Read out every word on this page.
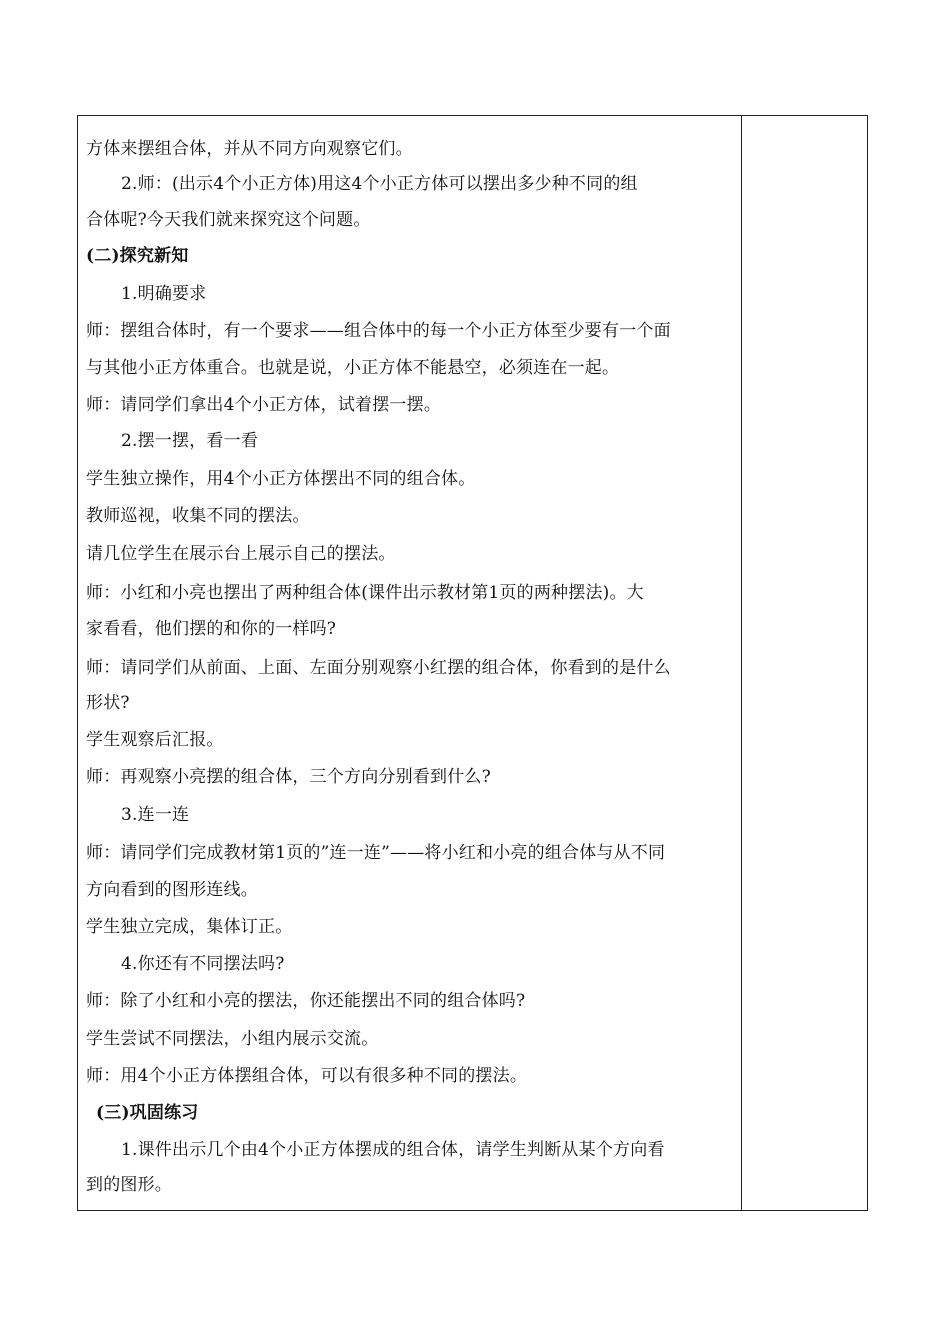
方体来摆组合体，并从不同方向观察它们。
2.师：(出示4个小正方体)用这4个小正方体可以摆出多少种不同的组
合体呢?今天我们就来探究这个问题。
(二)探究新知
1.明确要求
师：摆组合体时，有一个要求——组合体中的每一个小正方体至少要有一个面
与其他小正方体重合。也就是说，小正方体不能悬空，必须连在一起。
师：请同学们拿出4个小正方体，试着摆一摆。
2.摆一摆，看一看
学生独立操作，用4个小正方体摆出不同的组合体。
教师巡视，收集不同的摆法。
请几位学生在展示台上展示自己的摆法。
师：小红和小亮也摆出了两种组合体(课件出示教材第1页的两种摆法)。大
家看看，他们摆的和你的一样吗?
师：请同学们从前面、上面、左面分别观察小红摆的组合体，你看到的是什么
形状?
学生观察后汇报。
师：再观察小亮摆的组合体，三个方向分别看到什么?
3.连一连
师：请同学们完成教材第1页的”连一连”——将小红和小亮的组合体与从不同
方向看到的图形连线。
学生独立完成，集体订正。
4.你还有不同摆法吗?
师：除了小红和小亮的摆法，你还能摆出不同的组合体吗?
学生尝试不同摆法，小组内展示交流。
师：用4个小正方体摆组合体，可以有很多种不同的摆法。
(三)巩固练习
1.课件出示几个由4个小正方体摆成的组合体，请学生判断从某个方向看
到的图形。
